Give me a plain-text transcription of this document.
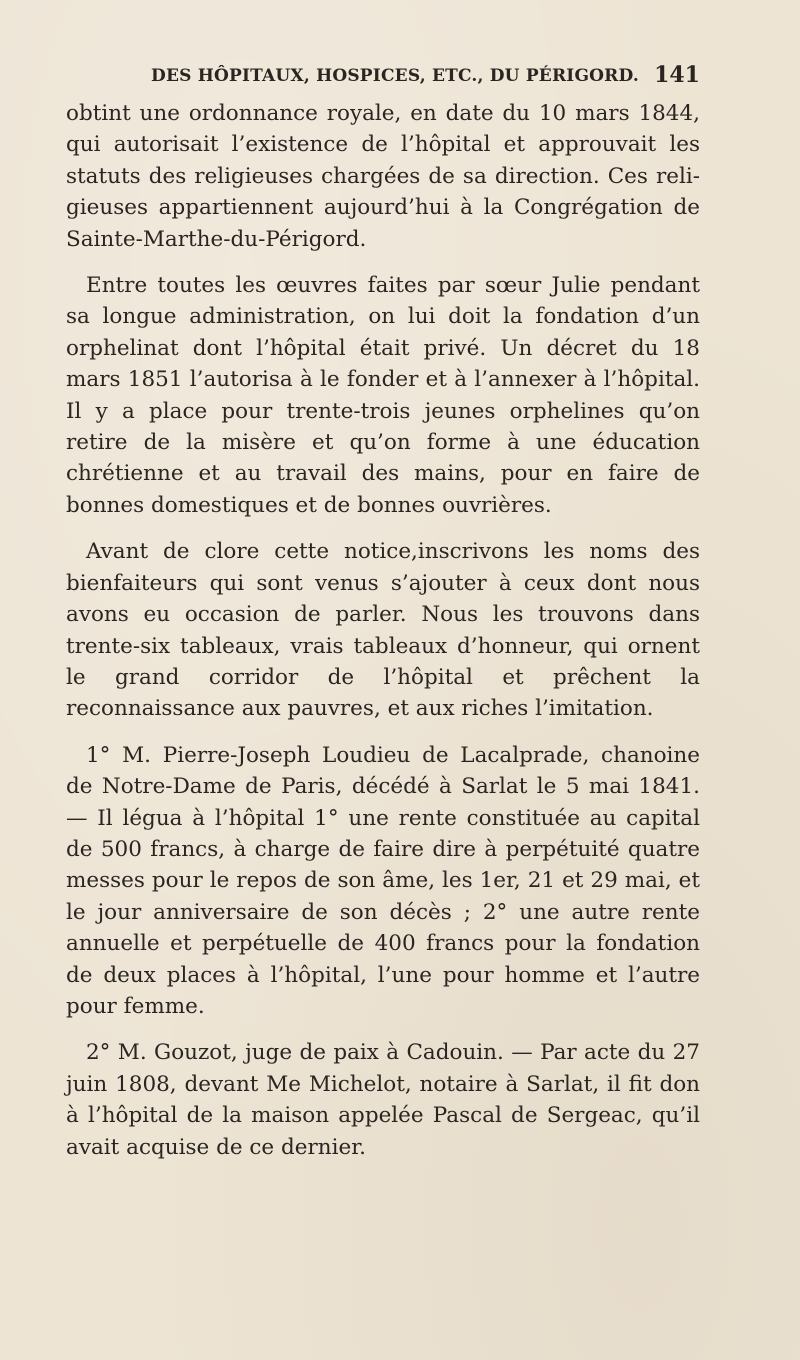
DES HÔPITAUX, HOSPICES, ETC., DU PÉRIGORD. 141

obtint une ordonnance royale, en date du 10 mars 1844, qui autorisait l’existence de l’hôpital et approuvait les statuts des religieuses chargées de sa direction. Ces religieuses appartiennent aujourd’hui à la Congrégation de Sainte-Marthe-du-Périgord.

Entre toutes les œuvres faites par sœur Julie pendant sa longue administration, on lui doit la fondation d’un orphelinat dont l’hôpital était privé. Un décret du 18 mars 1851 l’autorisa à le fonder et à l’annexer à l’hôpital. Il y a place pour trente-trois jeunes orphelines qu’on retire de la misère et qu’on forme à une éducation chrétienne et au travail des mains, pour en faire de bonnes domestiques et de bonnes ouvrières.

Avant de clore cette notice,inscrivons les noms des bienfaiteurs qui sont venus s’ajouter à ceux dont nous avons eu occasion de parler. Nous les trouvons dans trente-six tableaux, vrais tableaux d’honneur, qui ornent le grand corridor de l’hôpital et prêchent la reconnaissance aux pauvres, et aux riches l’imitation.

1° M. Pierre-Joseph Loudieu de Lacalprade, chanoine de Notre-Dame de Paris, décédé à Sarlat le 5 mai 1841. — Il légua à l’hôpital 1° une rente constituée au capital de 500 francs, à charge de faire dire à perpétuité quatre messes pour le repos de son âme, les 1er, 21 et 29 mai, et le jour anniversaire de son décès ; 2° une autre rente annuelle et perpétuelle de 400 francs pour la fondation de deux places à l’hôpital, l’une pour homme et l’autre pour femme.

2° M. Gouzot, juge de paix à Cadouin. — Par acte du 27 juin 1808, devant Me Michelot, notaire à Sarlat, il fit don à l’hôpital de la maison appelée Pascal de Sergeac, qu’il avait acquise de ce dernier.
